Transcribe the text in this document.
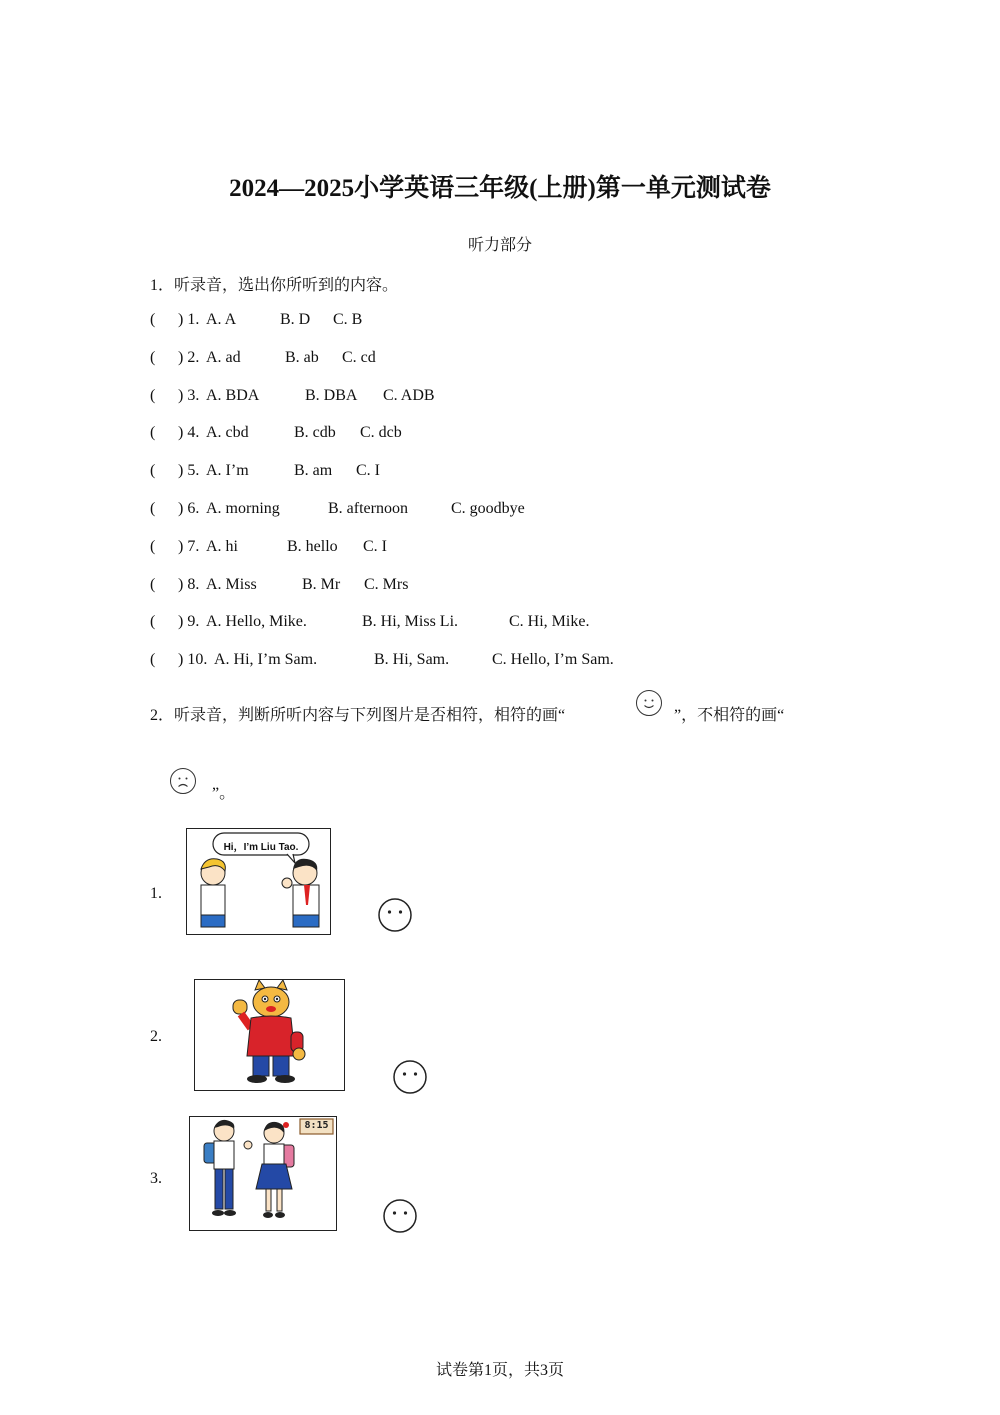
2024—2025小学英语三年级(上册)第一单元测试卷
听力部分
1．听录音，选出你所听到的内容。
( ) 1. A. A	B. D C. B
( ) 2. A. ad	B. ab C. cd
( ) 3. A. BDA	B. DBA C. ADB
( ) 4. A. cbd	B. cdb C. dcb
( ) 5. A. I’m	B. am C. I
( ) 6. A. morning	B. afternoon	C. goodbye
( ) 7. A. hi	B. hello C. I
( ) 8. A. Miss	B. Mr C. Mrs
( ) 9. A. Hello, Mike.	B. Hi, Miss Li.	C. Hi, Mike.
( ) 10. A. Hi, I’m Sam.	B. Hi, Sam.	C. Hello, I’m Sam.
2．听录音，判断所听内容与下列图片是否相符，相符的画“	”，不相符的画“
”。
1.
Hi，I’m Liu Tao.
2.
3.
8:15
试卷第1页，共3页
